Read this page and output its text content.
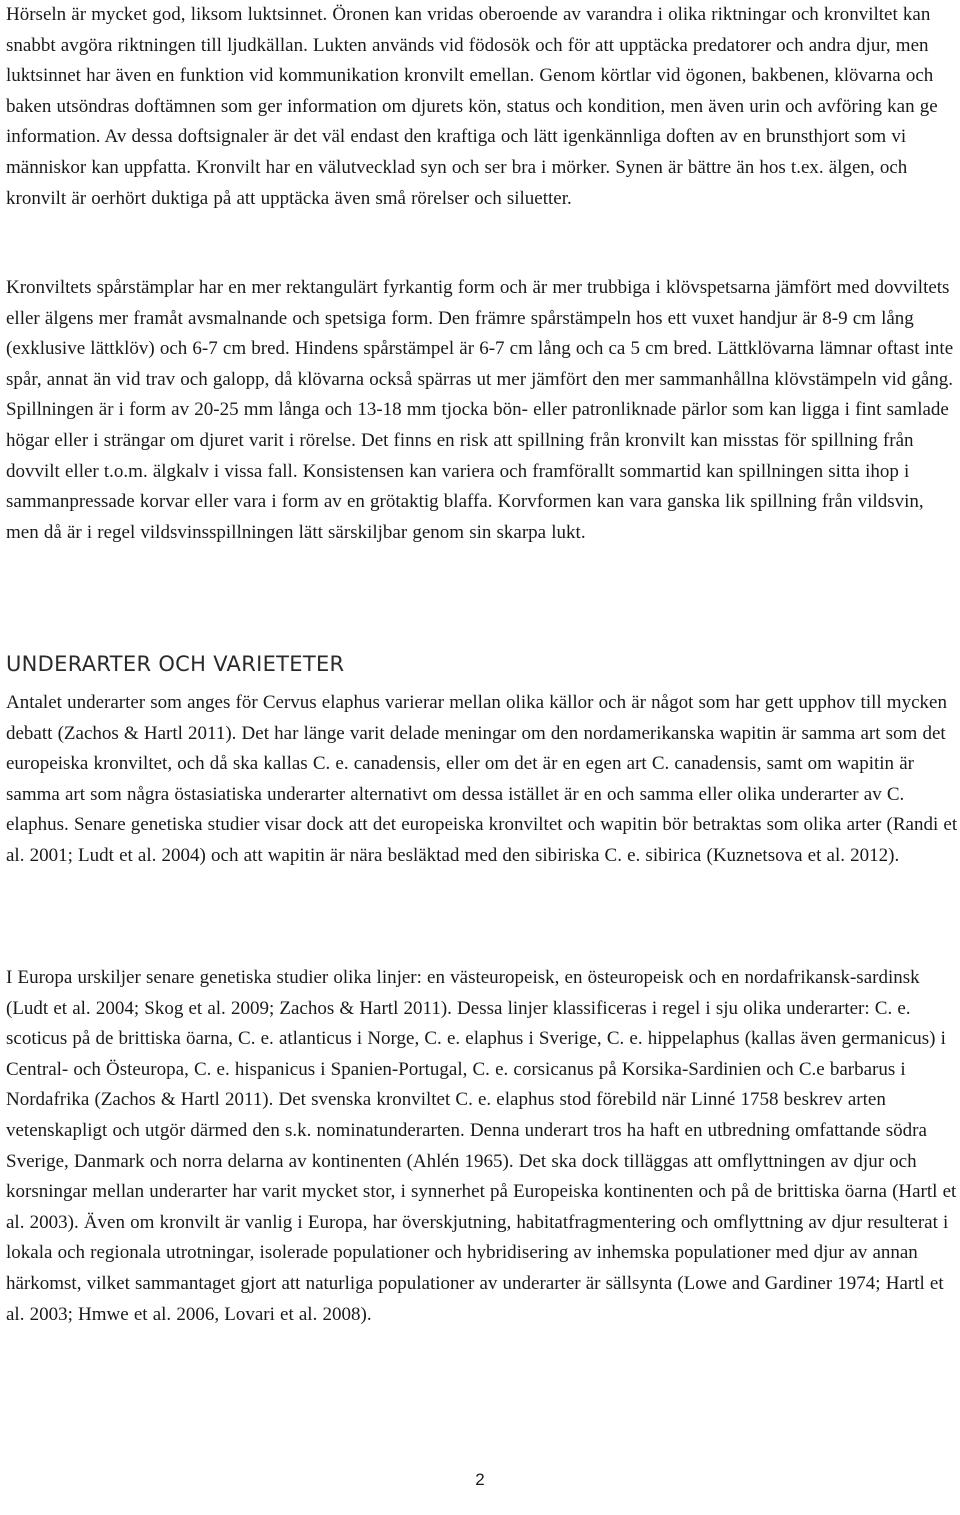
Hörseln är mycket god, liksom luktsinnet. Öronen kan vridas oberoende av varandra i olika riktningar och kronviltet kan snabbt avgöra riktningen till ljudkällan. Lukten används vid födosök och för att upptäcka predatorer och andra djur, men luktsinnet har även en funktion vid kommunikation kronvilt emellan. Genom körtlar vid ögonen, bakbenen, klövarna och baken utsöndras doftämnen som ger information om djurets kön, status och kondition, men även urin och avföring kan ge information. Av dessa doftsignaler är det väl endast den kraftiga och lätt igenkännliga doften av en brunsthjort som vi människor kan uppfatta. Kronvilt har en välutvecklad syn och ser bra i mörker. Synen är bättre än hos t.ex. älgen, och kronvilt är oerhört duktiga på att upptäcka även små rörelser och siluetter.

Kronviltets spårstämplar har en mer rektangulärt fyrkantig form och är mer trubbiga i klövspetsarna jämfört med dovviltets eller älgens mer framåt avsmalnande och spetsiga form. Den främre spårstämpeln hos ett vuxet handjur är 8-9 cm lång (exklusive lättklöv) och 6-7 cm bred. Hindens spårstämpel är 6-7 cm lång och ca 5 cm bred. Lättklövarna lämnar oftast inte spår, annat än vid trav och galopp, då klövarna också spärras ut mer jämfört den mer sammanhållna klövstämpeln vid gång. Spillningen är i form av 20-25 mm långa och 13-18 mm tjocka bön- eller patronliknade pärlor som kan ligga i fint samlade högar eller i strängar om djuret varit i rörelse. Det finns en risk att spillning från kronvilt kan misstas för spillning från dovvilt eller t.o.m. älgkalv i vissa fall. Konsistensen kan variera och framförallt sommartid kan spillningen sitta ihop i sammanpressade korvar eller vara i form av en grötaktig blaffa. Korvformen kan vara ganska lik spillning från vildsvin, men då är i regel vildsvinsspillningen lätt särskiljbar genom sin skarpa lukt.

UNDERARTER OCH VARIETETER

Antalet underarter som anges för Cervus elaphus varierar mellan olika källor och är något som har gett upphov till mycken debatt (Zachos & Hartl 2011). Det har länge varit delade meningar om den nordamerikanska wapitin är samma art som det europeiska kronviltet, och då ska kallas C. e. canadensis, eller om det är en egen art C. canadensis, samt om wapitin är samma art som några östasiatiska underarter alternativt om dessa istället är en och samma eller olika underarter av C. elaphus. Senare genetiska studier visar dock att det europeiska kronviltet och wapitin bör betraktas som olika arter (Randi et al. 2001; Ludt et al. 2004) och att wapitin är nära besläktad med den sibiriska C. e. sibirica (Kuznetsova et al. 2012).

I Europa urskiljer senare genetiska studier olika linjer: en västeuropeisk, en östeuropeisk och en nordafrikansk-sardinsk (Ludt et al. 2004; Skog et al. 2009; Zachos & Hartl 2011). Dessa linjer klassificeras i regel i sju olika underarter: C. e. scoticus på de brittiska öarna, C. e. atlanticus i Norge, C. e. elaphus i Sverige, C. e. hippelaphus (kallas även germanicus) i Central- och Östeuropa, C. e. hispanicus i Spanien-Portugal, C. e. corsicanus på Korsika-Sardinien och C.e barbarus i Nordafrika (Zachos & Hartl 2011). Det svenska kronviltet C. e. elaphus stod förebild när Linné 1758 beskrev arten vetenskapligt och utgör därmed den s.k. nominatunderarten. Denna underart tros ha haft en utbredning omfattande södra Sverige, Danmark och norra delarna av kontinenten (Ahlén 1965). Det ska dock tilläggas att omflyttningen av djur och korsningar mellan underarter har varit mycket stor, i synnerhet på Europeiska kontinenten och på de brittiska öarna (Hartl et al. 2003). Även om kronvilt är vanlig i Europa, har överskjutning, habitatfragmentering och omflyttning av djur resulterat i lokala och regionala utrotningar, isolerade populationer och hybridisering av inhemska populationer med djur av annan härkomst, vilket sammantaget gjort att naturliga populationer av underarter är sällsynta (Lowe and Gardiner 1974; Hartl et al. 2003; Hmwe et al. 2006, Lovari et al. 2008).

2
